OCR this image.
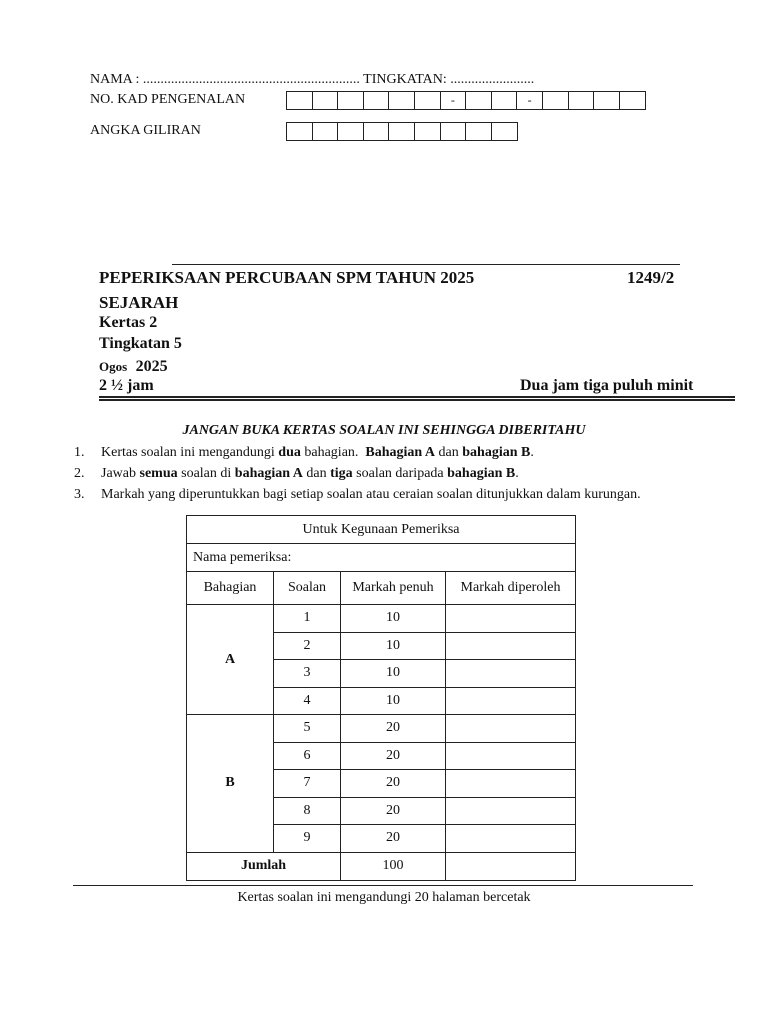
NAMA : .............................................................. TINGKATAN: ........................
NO. KAD PENGENALAN	-	-
ANGKA GILIRAN
PEPERIKSAAN PERCUBAAN SPM TAHUN 2025	1249/2
SEJARAH
Kertas 2
Tingkatan 5
Ogos 2025
2 ½ jam	Dua jam tiga puluh minit
JANGAN BUKA KERTAS SOALAN INI SEHINGGA DIBERITAHU
1.	Kertas soalan ini mengandungi dua bahagian.  Bahagian A dan bahagian B.
2.	Jawab semua soalan di bahagian A dan tiga soalan daripada bahagian B.
3.	Markah yang diperuntukkan bagi setiap soalan atau ceraian soalan ditunjukkan dalam kurungan.
Untuk Kegunaan Pemeriksa			
Nama pemeriksa:			
Bahagian	Soalan	Markah penuh	Markah diperoleh
A	1	10	
	2	10	
	3	10	
	4	10	
B	5	20	
	6	20	
	7	20	
	8	20	
	9	20	
Jumlah		100	
Kertas soalan ini mengandungi 20 halaman bercetak
